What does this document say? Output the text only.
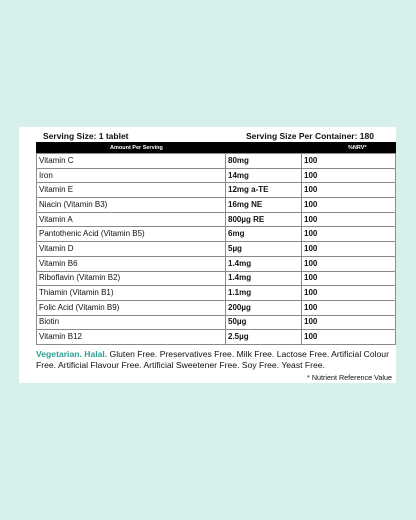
Serving Size: 1 tablet	Serving Size Per Container: 180
Amount Per Serving	%NRV*
Vitamin C	80mg	100
Iron	14mg	100
Vitamin E	12mg a-TE	100
Niacin (Vitamin B3)	16mg NE	100
Vitamin A	800µg RE	100
Pantothenic Acid (Vitamin B5)	6mg	100
Vitamin D	5µg	100
Vitamin B6	1.4mg	100
Riboflavin (Vitamin B2)	1.4mg	100
Thiamin (Vitamin B1)	1.1mg	100
Folic Acid (Vitamin B9)	200µg	100
Biotin	50µg	100
Vitamin B12	2.5µg	100
Vegetarian. Halal. Gluten Free. Preservatives Free. Milk Free. Lactose Free. Artificial Colour Free. Artificial Flavour Free. Artificial Sweetener Free. Soy Free. Yeast Free.
* Nutrient Reference Value
